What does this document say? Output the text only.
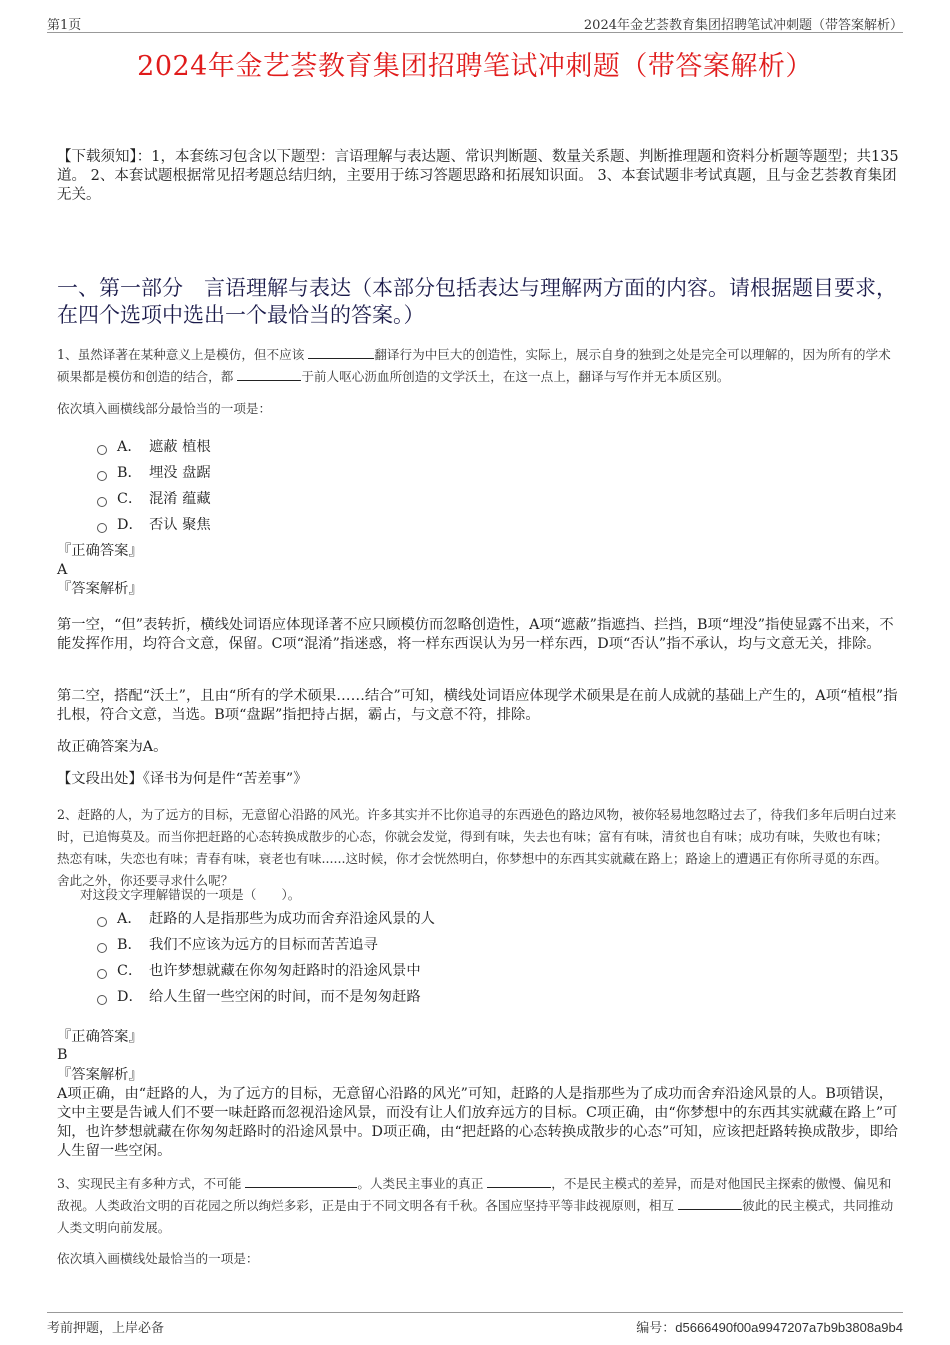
第1页	2024年金艺荟教育集团招聘笔试冲刺题（带答案解析）
2024年金艺荟教育集团招聘笔试冲刺题（带答案解析）
【下载须知】：1，本套练习包含以下题型：言语理解与表达题、常识判断题、数量关系题、判断推理题和资料分析题等题型；共135道。 2、本套试题根据常见招考题总结归纳，主要用于练习答题思路和拓展知识面。 3、本套试题非考试真题，且与金艺荟教育集团无关。
一、第一部分　言语理解与表达（本部分包括表达与理解两方面的内容。请根据题目要求，在四个选项中选出一个最恰当的答案。）
1、虽然译著在某种意义上是模仿，但不应该	翻译行为中巨大的创造性，实际上，展示自身的独到之处是完全可以理解的，因为所有的学术硕果都是模仿和创造的结合，都	于前人呕心沥血所创造的文学沃土，在这一点上，翻译与写作并无本质区别。
依次填入画横线部分最恰当的一项是：
A． 遮蔽 植根
B． 埋没 盘踞
C． 混淆 蕴藏
D． 否认 聚焦
『正确答案』
A
『答案解析』
第一空，“但”表转折，横线处词语应体现译著不应只顾模仿而忽略创造性，A项“遮蔽”指遮挡、拦挡，B项“埋没”指使显露不出来，不能发挥作用，均符合文意，保留。C项“混淆”指迷惑，将一样东西误认为另一样东西，D项“否认”指不承认，均与文意无关，排除。
第二空，搭配“沃土”，且由“所有的学术硕果……结合”可知，横线处词语应体现学术硕果是在前人成就的基础上产生的，A项“植根”指扎根，符合文意，当选。B项“盘踞”指把持占据，霸占，与文意不符，排除。
故正确答案为A。
【文段出处】《译书为何是件“苦差事”》
2、赶路的人，为了远方的目标，无意留心沿路的风光。许多其实并不比你追寻的东西逊色的路边风物，被你轻易地忽略过去了，待我们多年后明白过来时，已追悔莫及。而当你把赶路的心态转换成散步的心态，你就会发觉，得到有味，失去也有味；富有有味，清贫也自有味；成功有味，失败也有味；热恋有味，失恋也有味；青春有味，衰老也有味......这时候，你才会恍然明白，你梦想中的东西其实就藏在路上；路途上的遭遇正有你所寻觅的东西。舍此之外，你还要寻求什么呢？
对这段文字理解错误的一项是（　　）。
A． 赶路的人是指那些为成功而舍弃沿途风景的人
B． 我们不应该为远方的目标而苦苦追寻
C． 也许梦想就藏在你匆匆赶路时的沿途风景中
D． 给人生留一些空闲的时间，而不是匆匆赶路
『正确答案』
B
『答案解析』
A项正确，由“赶路的人，为了远方的目标，无意留心沿路的风光”可知，赶路的人是指那些为了成功而舍弃沿途风景的人。B项错误，文中主要是告诫人们不要一味赶路而忽视沿途风景，而没有让人们放弃远方的目标。C项正确，由“你梦想中的东西其实就藏在路上”可知，也许梦想就藏在你匆匆赶路时的沿途风景中。D项正确，由“把赶路的心态转换成散步的心态”可知，应该把赶路转换成散步，即给人生留一些空闲。
3、实现民主有多种方式，不可能	。人类民主事业的真正	，不是民主模式的差异，而是对他国民主探索的傲慢、偏见和敌视。人类政治文明的百花园之所以绚烂多彩，正是由于不同文明各有千秋。各国应坚持平等非歧视原则，相互	彼此的民主模式，共同推动人类文明向前发展。
依次填入画横线处最恰当的一项是：
考前押题，上岸必备	编号：d5666490f00a9947207a7b9b3808a9b4
